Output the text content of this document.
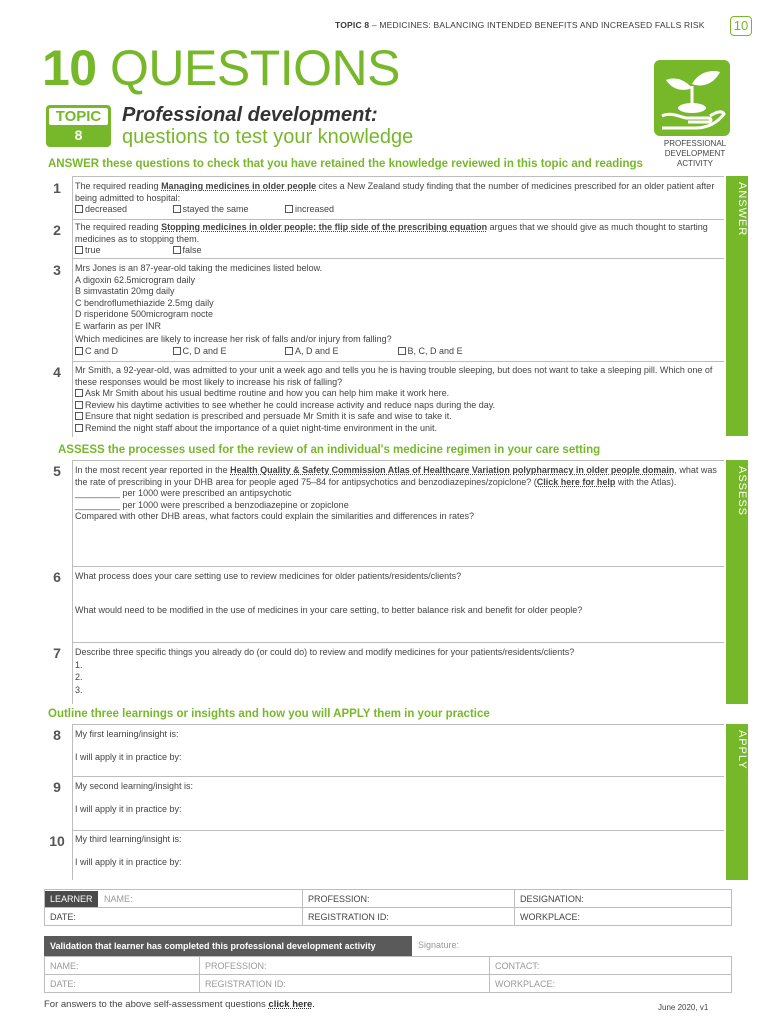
TOPIC 8 – MEDICINES: BALANCING INTENDED BENEFITS AND INCREASED FALLS RISK	10
10 QUESTIONS
TOPIC
8
Professional development:
questions to test your knowledge	PROFESSIONAL
DEVELOPMENT
ACTIVITY
ANSWER these questions to check that you have retained the knowledge reviewed in this topic and readings
ANSWER
1	The required reading Managing medicines in older people cites a New Zealand study finding that the number of medicines prescribed for an older patient after being admitted to hospital:
decreased	stayed the same	increased
2	The required reading Stopping medicines in older people: the flip side of the prescribing equation argues that we should give as much thought to starting medicines as to stopping them.
true	false
3	Mrs Jones is an 87-year-old taking the medicines listed below.
A digoxin 62.5microgram daily
B simvastatin 20mg daily
C bendroflumethiazide 2.5mg daily
D risperidone 500microgram nocte
E warfarin as per INR
Which medicines are likely to increase her risk of falls and/or injury from falling?
C and D	C, D and E	A, D and E	B, C, D and E
4	Mr Smith, a 92-year-old, was admitted to your unit a week ago and tells you he is having trouble sleeping, but does not want to take a sleeping pill. Which one of these responses would be most likely to increase his risk of falling?
Ask Mr Smith about his usual bedtime routine and how you can help him make it work here.
Review his daytime activities to see whether he could increase activity and reduce naps during the day.
Ensure that night sedation is prescribed and persuade Mr Smith it is safe and wise to take it.
Remind the night staff about the importance of a quiet night-time environment in the unit.
ASSESS the processes used for the review of an individual's medicine regimen in your care setting
ASSESS
5	In the most recent year reported in the Health Quality & Safety Commission Atlas of Healthcare Variation polypharmacy in older people domain, what was the rate of prescribing in your DHB area for people aged 75–84 for antipsychotics and benzodiazepines/zopiclone? (Click here for help with the Atlas).
_________ per 1000 were prescribed an antipsychotic
_________ per 1000 were prescribed a benzodiazepine or zopiclone
Compared with other DHB areas, what factors could explain the similarities and differences in rates?
6	What process does your care setting use to review medicines for older patients/residents/clients?
What would need to be modified in the use of medicines in your care setting, to better balance risk and benefit for older people?
7	Describe three specific things you already do (or could do) to review and modify medicines for your patients/residents/clients?
1.
2.
3.
Outline three learnings or insights and how you will APPLY them in your practice
APPLY
8	My first learning/insight is:
I will apply it in practice by:
9	My second learning/insight is:
I will apply it in practice by:
10	My third learning/insight is:
I will apply it in practice by:
LEARNER NAME:	PROFESSION:	DESIGNATION:
DATE:	REGISTRATION ID:	WORKPLACE:
Validation that learner has completed this professional development activity	Signature:
NAME:	PROFESSION:	CONTACT:
DATE:	REGISTRATION ID:	WORKPLACE:
For answers to the above self-assessment questions click here.	June 2020, v1
